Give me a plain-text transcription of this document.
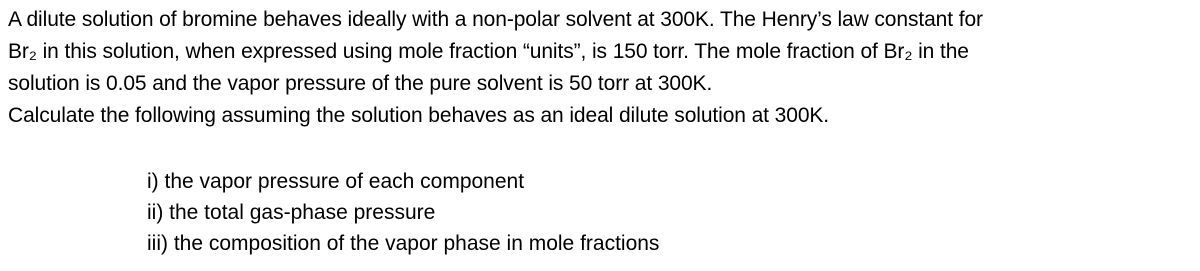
A dilute solution of bromine behaves ideally with a non-polar solvent at 300K. The Henry’s law constant for
Br₂ in this solution, when expressed using mole fraction “units”, is 150 torr. The mole fraction of Br₂ in the
solution is 0.05 and the vapor pressure of the pure solvent is 50 torr at 300K.
Calculate the following assuming the solution behaves as an ideal dilute solution at 300K.
i) the vapor pressure of each component
ii) the total gas-phase pressure
iii) the composition of the vapor phase in mole fractions
